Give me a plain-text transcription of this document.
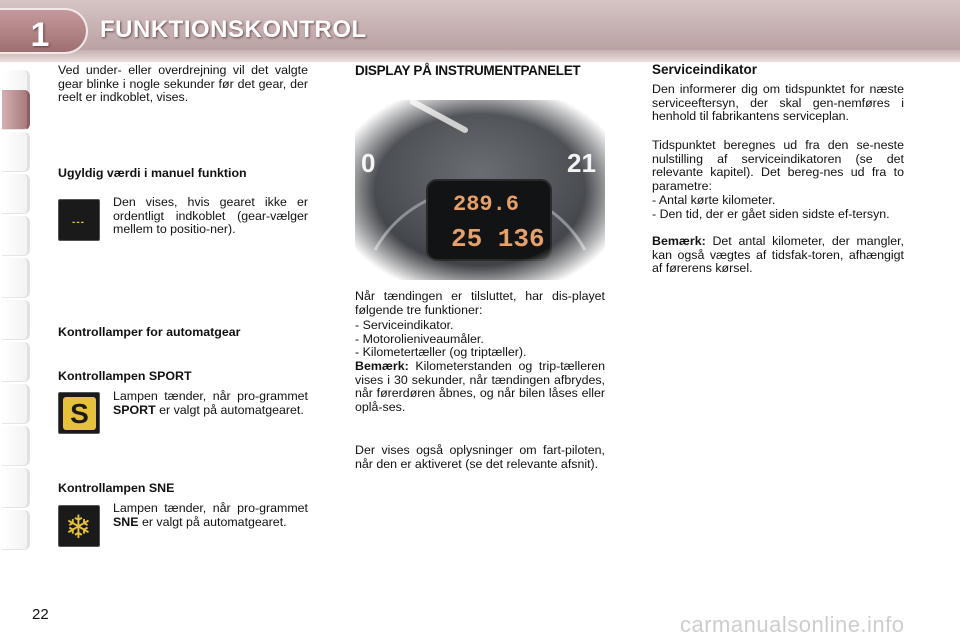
1	FUNKTIONSKONTROL
Ved under- eller overdrejning vil det valgte gear blinke i nogle sekunder før det gear, der reelt er indkoblet, vises.
Ugyldig værdi i manuel funktion
---
Den vises, hvis gearet ikke er ordentligt indkoblet (gear-vælger mellem to positio-ner).
Kontrollamper for automatgear
Kontrollampen SPORT
S
Lampen tænder, når pro-grammet SPORT er valgt på automatgearet.
Kontrollampen SNE
❄
Lampen tænder, når pro-grammet SNE er valgt på automatgearet.
DISPLAY PÅ INSTRUMENTPANELET
Når tændingen er tilsluttet, har dis-playet følgende tre funktioner:
- Serviceindikator.
- Motorolieniveaumåler.
- Kilometertæller (og triptæller).
Bemærk: Kilometerstanden og trip-tælleren vises i 30 sekunder, når tændingen afbrydes, når førerdøren åbnes, og når bilen låses eller oplå-ses.
Der vises også oplysninger om fart-piloten, når den er aktiveret (se det relevante afsnit).
Serviceindikator
Den informerer dig om tidspunktet for næste serviceeftersyn, der skal gen-nemføres i henhold til fabrikantens serviceplan.
Tidspunktet beregnes ud fra den se-neste nulstilling af serviceindikatoren (se det relevante kapitel). Det bereg-nes ud fra to parametre:
- Antal kørte kilometer.
- Den tid, der er gået siden sidste ef-tersyn.
Bemærk: Det antal kilometer, der mangler, kan også vægtes af tidsfak-toren, afhængigt af førerens kørsel.
22	carmanualsonline.info
